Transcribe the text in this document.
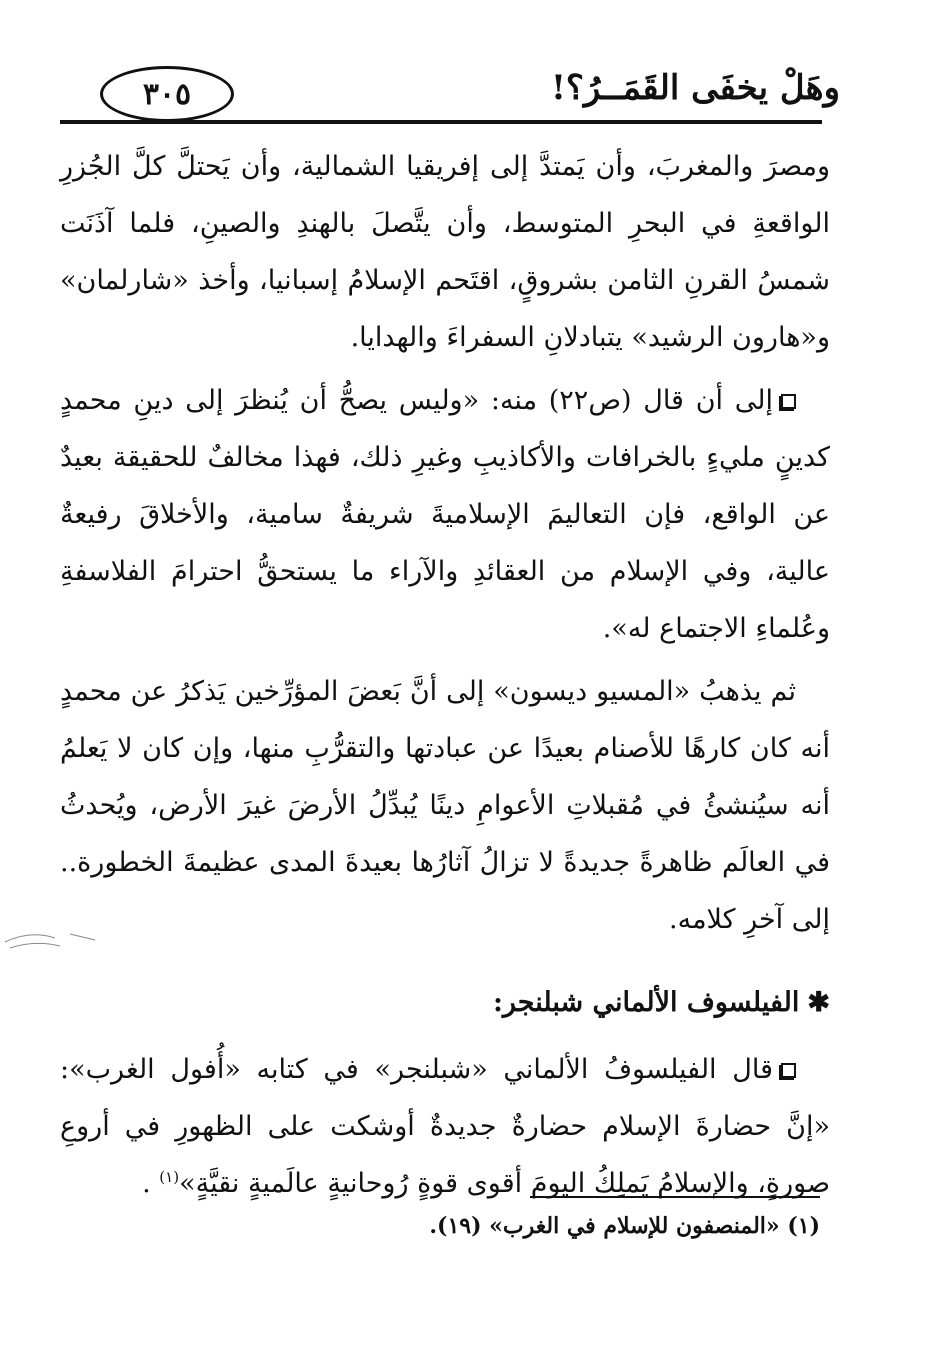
وهَلْ يخفَى القَمَــرُ؟!
٣٠٥

ومصرَ والمغربَ، وأن يَمتدَّ إلى إفريقيا الشمالية، وأن يَحتلَّ كلَّ الجُزرِ الواقعةِ في البحرِ المتوسط، وأن يتَّصلَ بالهندِ والصينِ، فلما آذَنَت شمسُ القرنِ الثامن بشروقٍ، اقتَحم الإسلامُ إسبانيا، وأخذ «شارلمان» و«هارون الرشيد» يتبادلانِ السفراءَ والهدايا.

إلى أن قال (ص٢٢) منه: «وليس يصحُّ أن يُنظرَ إلى دينِ محمدٍ كدينٍ مليءٍ بالخرافات والأكاذيبِ وغيرِ ذلك، فهذا مخالفٌ للحقيقة بعيدٌ عن الواقع، فإن التعاليمَ الإسلاميةَ شريفةٌ سامية، والأخلاقَ رفيعةٌ عالية، وفي الإسلام من العقائدِ والآراء ما يستحقُّ احترامَ الفلاسفةِ وعُلماءِ الاجتماع له».

ثم يذهبُ «المسيو ديسون» إلى أنَّ بَعضَ المؤرِّخين يَذكرُ عن محمدٍ أنه كان كارهًا للأصنام بعيدًا عن عبادتها والتقرُّبِ منها، وإن كان لا يَعلمُ أنه سيُنشئُ في مُقبلاتِ الأعوامِ دينًا يُبدِّلُ الأرضَ غيرَ الأرض، ويُحدثُ في العالَم ظاهرةً جديدةً لا تزالُ آثارُها بعيدةَ المدى عظيمةَ الخطورة.. إلى آخرِ كلامه.

✱الفيلسوف الألماني شبلنجر:

قال الفيلسوفُ الألماني «شبلنجر» في كتابه «أُفول الغرب»: «إنَّ حضارةَ الإسلام حضارةٌ جديدةٌ أوشكت على الظهورِ في أروعِ صورةٍ، والإسلامُ يَملِكُ اليومَ أقوى قوةٍ رُوحانيةٍ عالَميةٍ نقيَّةٍ»$^{(١)}$ .

(١) «المنصفون للإسلام في الغرب» (١٩).
